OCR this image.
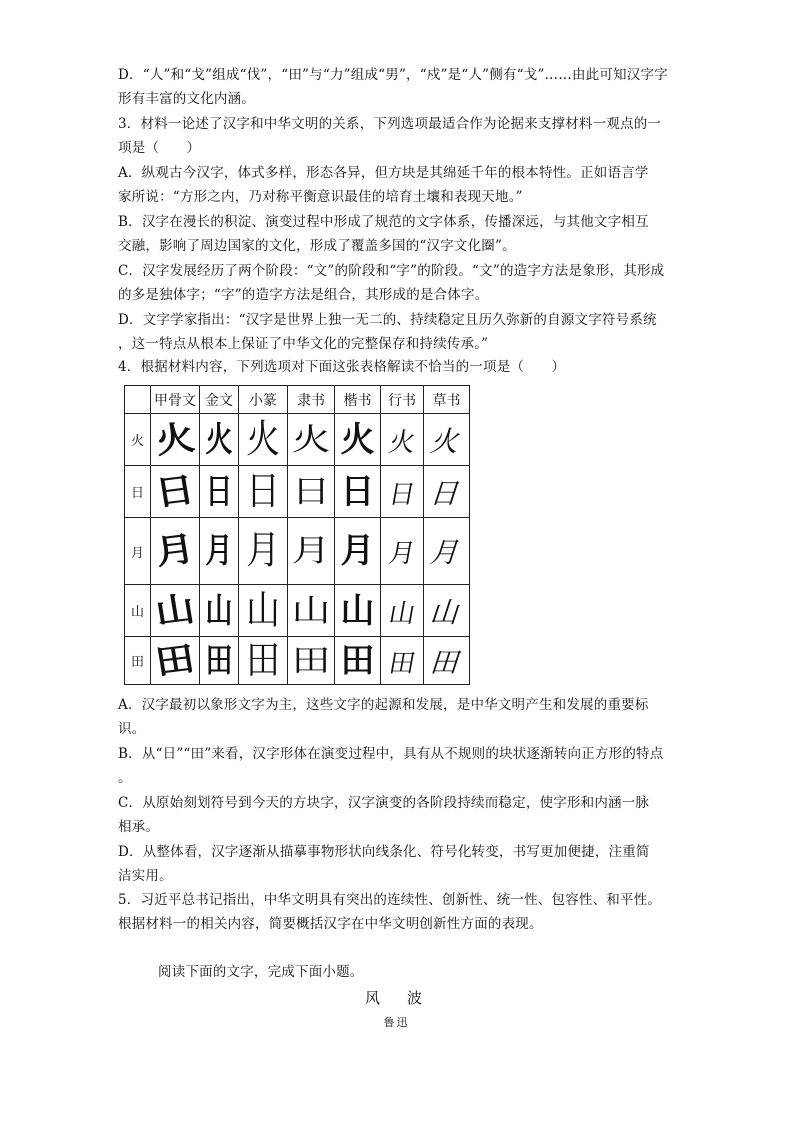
D．“人”和“戈”组成“伐”，“田”与“力”组成“男”，“戍”是“人”侧有“戈”……由此可知汉字字
形有丰富的文化内涵。
3．材料一论述了汉字和中华文明的关系，下列选项最适合作为论据来支撑材料一观点的一
项是（　　）
A．纵观古今汉字，体式多样，形态各异，但方块是其绵延千年的根本特性。正如语言学
家所说：“方形之内，乃对称平衡意识最佳的培育土壤和表现天地。”
B．汉字在漫长的积淀、演变过程中形成了规范的文字体系，传播深远，与其他文字相互
交融，影响了周边国家的文化，形成了覆盖多国的“汉字文化圈”。
C．汉字发展经历了两个阶段：“文”的阶段和“字”的阶段。“文”的造字方法是象形，其形成
的多是独体字；“字”的造字方法是组合，其形成的是合体字。
D．文字学家指出：“汉字是世界上独一无二的、持续稳定且历久弥新的自源文字符号系统
，这一特点从根本上保证了中华文化的完整保存和持续传承。”
4．根据材料内容，下列选项对下面这张表格解读不恰当的一项是（　　）
	甲骨文	金文	小篆	隶书	楷书	行书	草书
火	火	火	火	火	火	火	火
日	日	日	日	日	日	日	日
月	月	月	月	月	月	月	月
山	山	山	山	山	山	山	山
田	田	田	田	田	田	田	田
A．汉字最初以象形文字为主，这些文字的起源和发展，是中华文明产生和发展的重要标
识。
B．从“日”“田”来看，汉字形体在演变过程中，具有从不规则的块状逐渐转向正方形的特点
。
C．从原始刻划符号到今天的方块字，汉字演变的各阶段持续而稳定，使字形和内涵一脉
相承。
D．从整体看，汉字逐渐从描摹事物形状向线条化、符号化转变，书写更加便捷，注重简
洁实用。
5．习近平总书记指出，中华文明具有突出的连续性、创新性、统一性、包容性、和平性。
根据材料一的相关内容，简要概括汉字在中华文明创新性方面的表现。
阅读下面的文字，完成下面小题。
风　波
鲁迅
